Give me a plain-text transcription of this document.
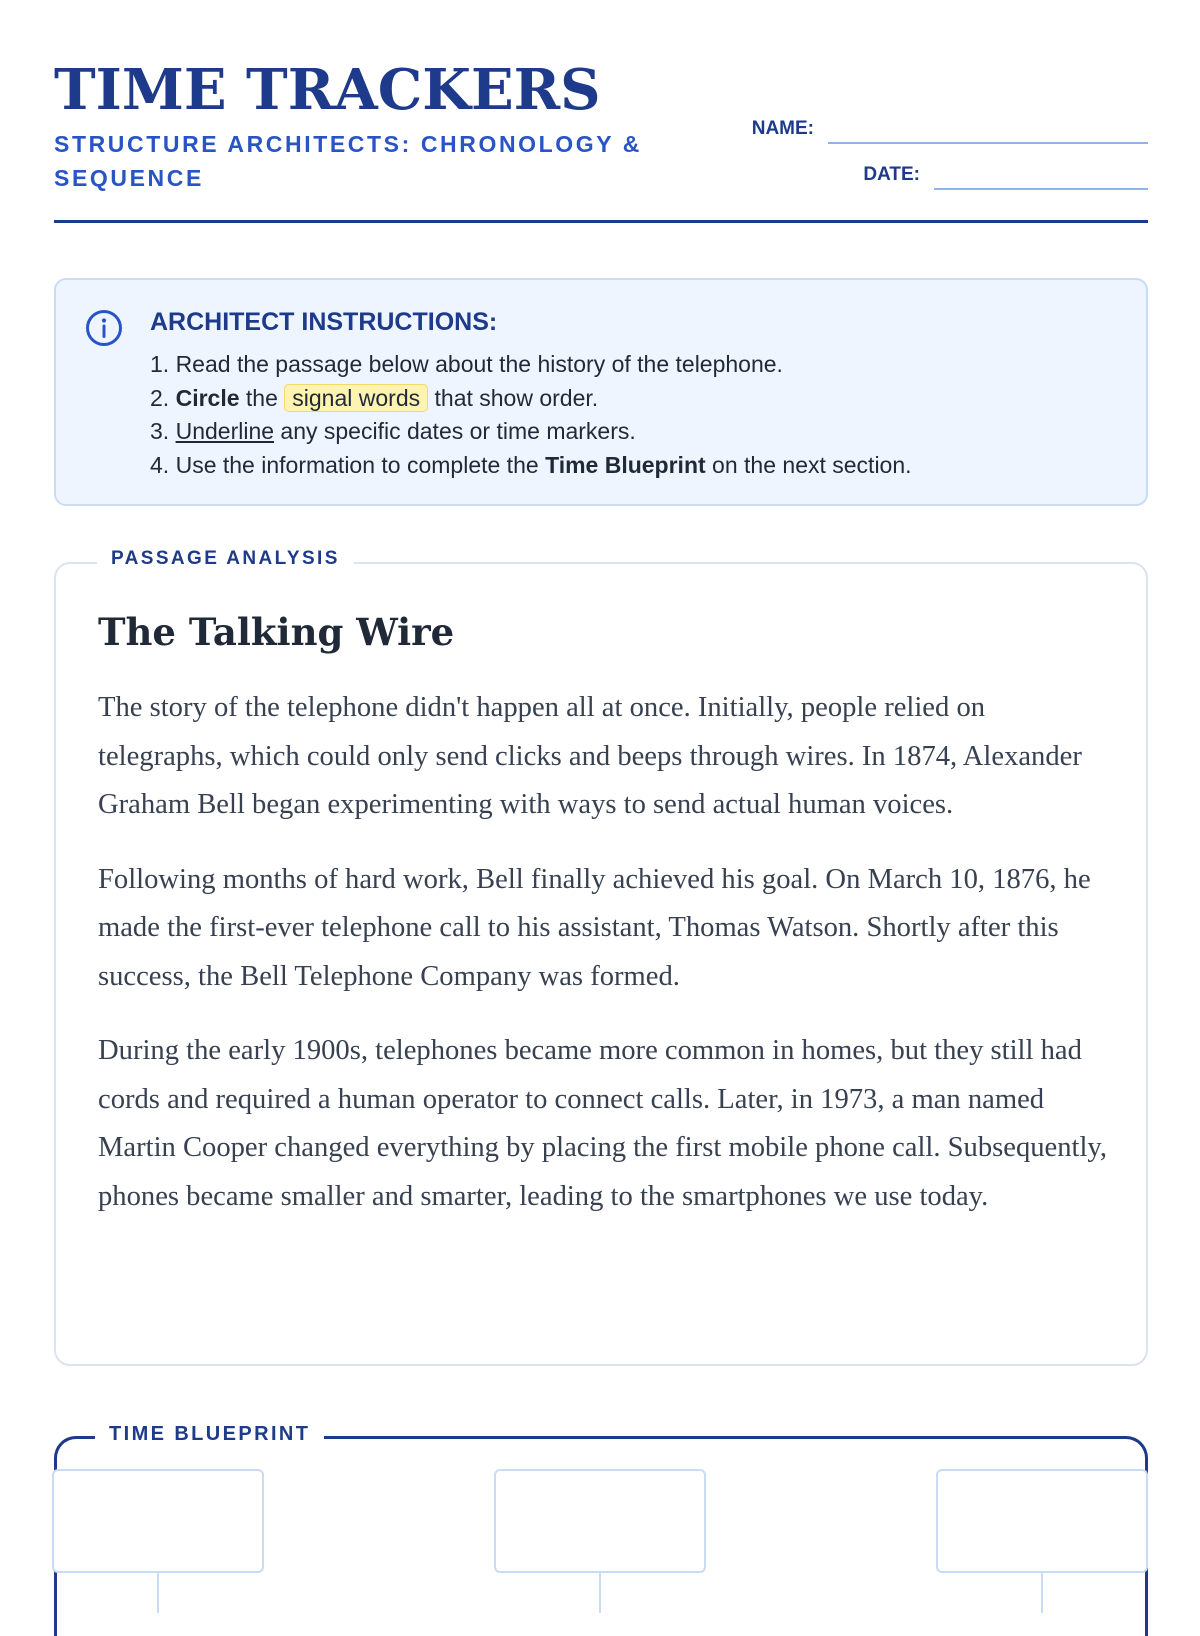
TIME TRACKERS

STRUCTURE ARCHITECTS: CHRONOLOGY & SEQUENCE

NAME:
DATE:

ARCHITECT INSTRUCTIONS:

1. Read the passage below about the history of the telephone.
2. Circle the signal words that show order.
3. Underline any specific dates or time markers.
4. Use the information to complete the Time Blueprint on the next section.
PASSAGE ANALYSIS
The Talking Wire

The story of the telephone didn't happen all at once. Initially, people relied on telegraphs, which could only send clicks and beeps through wires. In 1874, Alexander Graham Bell began experimenting with ways to send actual human voices.

Following months of hard work, Bell finally achieved his goal. On March 10, 1876, he made the first-ever telephone call to his assistant, Thomas Watson. Shortly after this success, the Bell Telephone Company was formed.

During the early 1900s, telephones became more common in homes, but they still had cords and required a human operator to connect calls. Later, in 1973, a man named Martin Cooper changed everything by placing the first mobile phone call. Subsequently, phones became smaller and smarter, leading to the smartphones we use today.

TIME BLUEPRINT
